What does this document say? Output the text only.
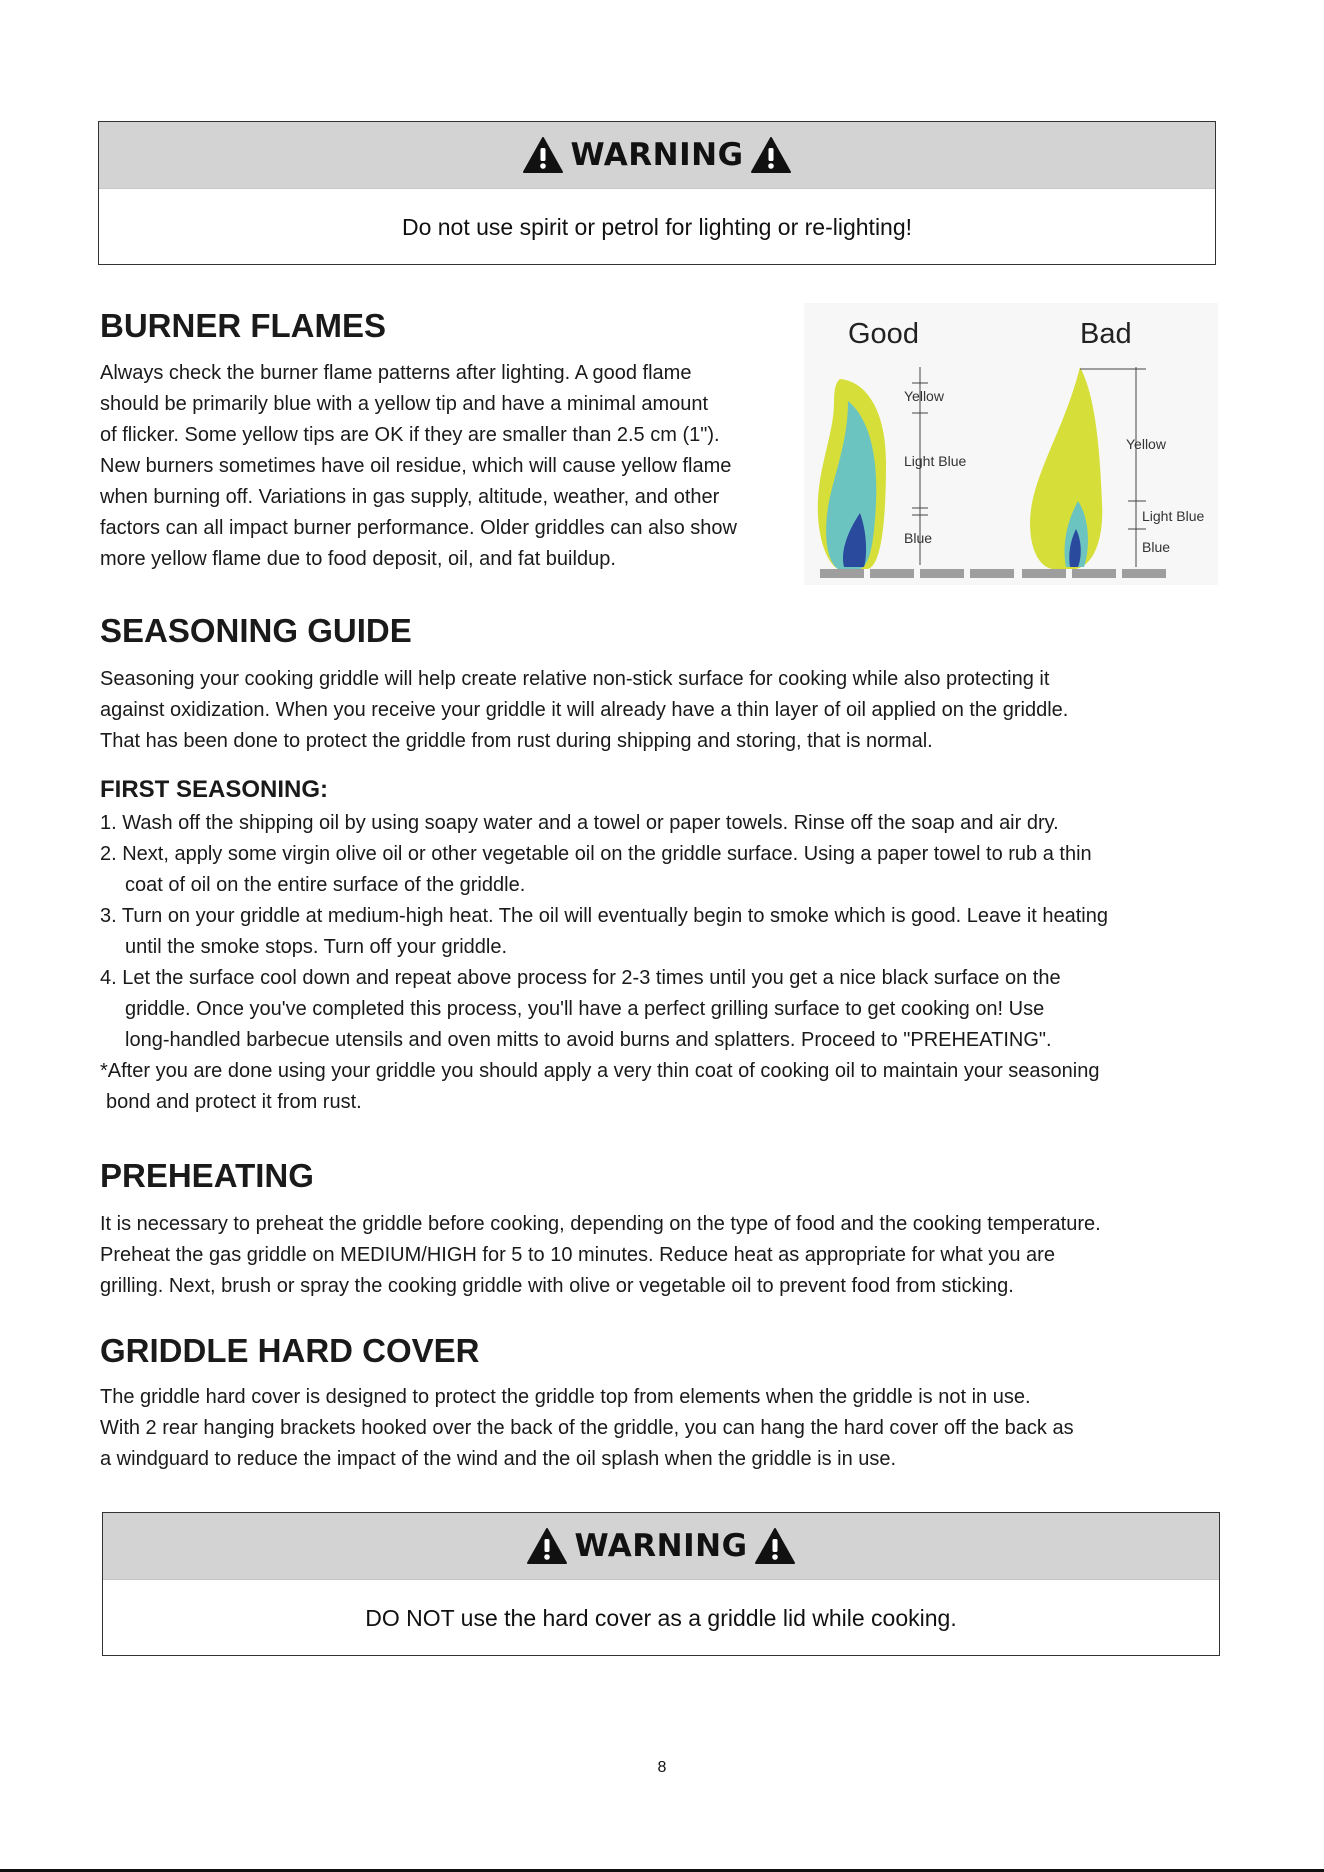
WARNING
Do not use spirit or petrol for lighting or re-lighting!
BURNER FLAMES
Always check the burner flame patterns after lighting. A good flame
should be primarily blue with a yellow tip and have a minimal amount
of flicker. Some yellow tips are OK if they are smaller than 2.5 cm (1").
New burners sometimes have oil residue, which will cause yellow flame
when burning off. Variations in gas supply, altitude, weather, and other
factors can all impact burner performance. Older griddles can also show
more yellow flame due to food deposit, oil, and fat buildup.
Good	Bad
Yellow
Light Blue
Blue
Yellow
Light Blue
Blue
SEASONING GUIDE
Seasoning your cooking griddle will help create relative non-stick surface for cooking while also protecting it
against oxidization. When you receive your griddle it will already have a thin layer of oil applied on the griddle.
That has been done to protect the griddle from rust during shipping and storing, that is normal.
FIRST SEASONING:
1. Wash off the shipping oil by using soapy water and a towel or paper towels. Rinse off the soap and air dry.
2. Next, apply some virgin olive oil or other vegetable oil on the griddle surface. Using a paper towel to rub a thin
coat of oil on the entire surface of the griddle.
3. Turn on your griddle at medium-high heat. The oil will eventually begin to smoke which is good. Leave it heating
until the smoke stops. Turn off your griddle.
4. Let the surface cool down and repeat above process for 2-3 times until you get a nice black surface on the
griddle. Once you've completed this process, you'll have a perfect grilling surface to get cooking on! Use
long-handled barbecue utensils and oven mitts to avoid burns and splatters. Proceed to "PREHEATING".
*After you are done using your griddle you should apply a very thin coat of cooking oil to maintain your seasoning
bond and protect it from rust.
PREHEATING
It is necessary to preheat the griddle before cooking, depending on the type of food and the cooking temperature.
Preheat the gas griddle on MEDIUM/HIGH for 5 to 10 minutes. Reduce heat as appropriate for what you are
grilling. Next, brush or spray the cooking griddle with olive or vegetable oil to prevent food from sticking.
GRIDDLE HARD COVER
The griddle hard cover is designed to protect the griddle top from elements when the griddle is not in use.
With 2 rear hanging brackets hooked over the back of the griddle, you can hang the hard cover off the back as
a windguard to reduce the impact of the wind and the oil splash when the griddle is in use.
WARNING
DO NOT use the hard cover as a griddle lid while cooking.
8
